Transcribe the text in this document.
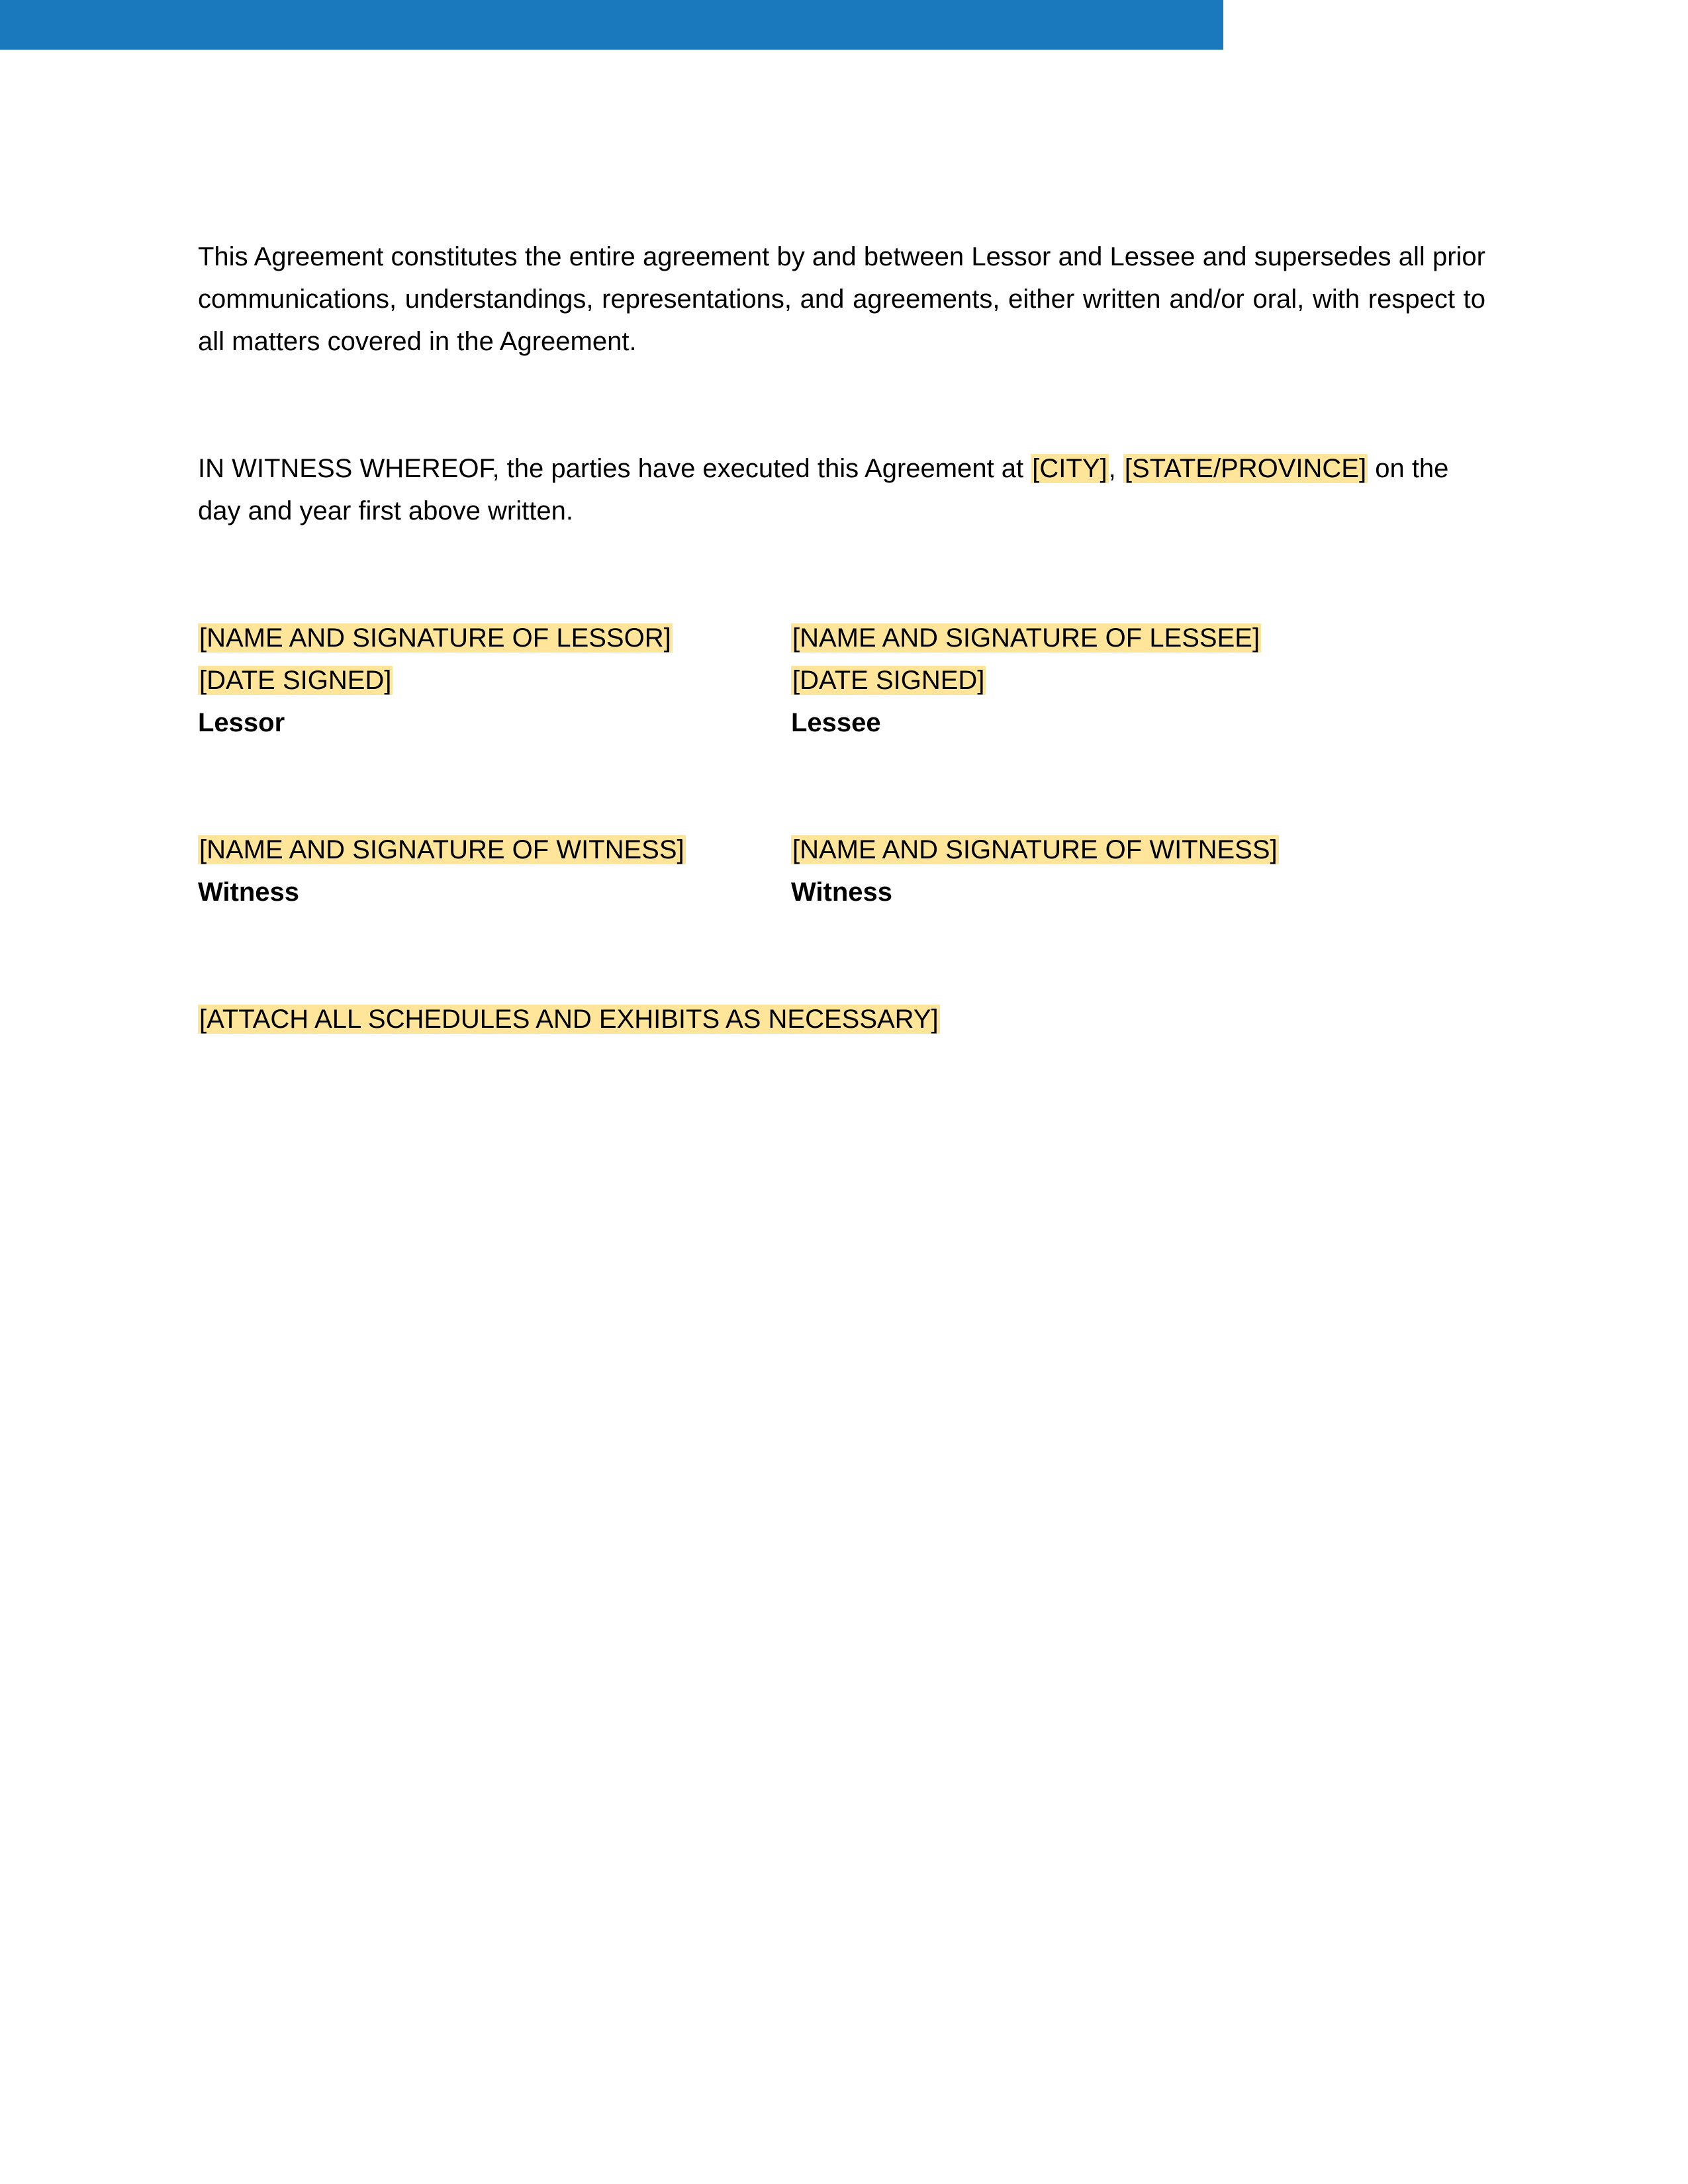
This Agreement constitutes the entire agreement by and between Lessor and Lessee and supersedes all prior communications, understandings, representations, and agreements, either written and/or oral, with respect to all matters covered in the Agreement.

IN WITNESS WHEREOF, the parties have executed this Agreement at [CITY], [STATE/PROVINCE] on the day and year first above written.

[NAME AND SIGNATURE OF LESSOR]
[DATE SIGNED]
Lessor
[NAME AND SIGNATURE OF LESSEE]
[DATE SIGNED]
Lessee
[NAME AND SIGNATURE OF WITNESS]
Witness
[NAME AND SIGNATURE OF WITNESS]
Witness
[ATTACH ALL SCHEDULES AND EXHIBITS AS NECESSARY]
